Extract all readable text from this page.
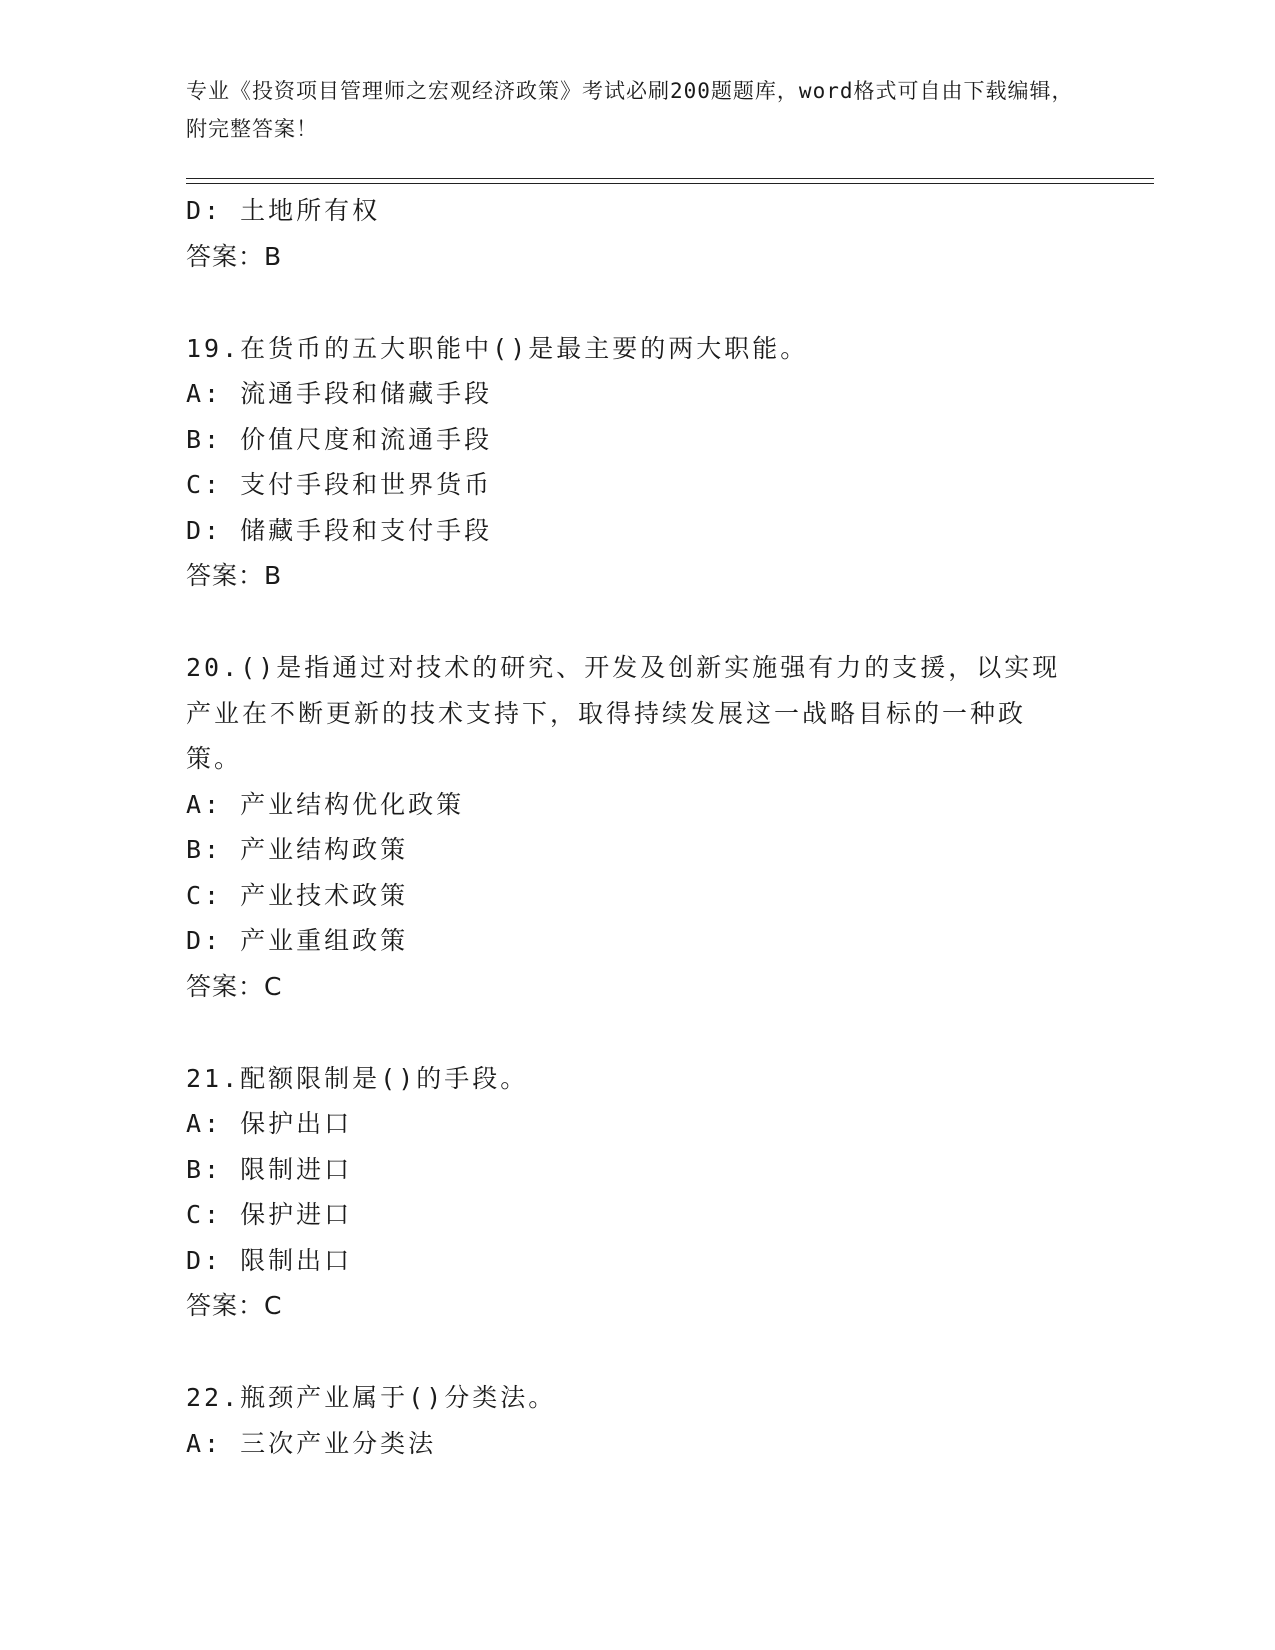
专业《投资项目管理师之宏观经济政策》考试必刷200题题库，word格式可自由下载编辑，附完整答案！
D: 土地所有权
答案：B
19.在货币的五大职能中()是最主要的两大职能。
A: 流通手段和储藏手段
B: 价值尺度和流通手段
C: 支付手段和世界货币
D: 储藏手段和支付手段
答案：B
20.()是指通过对技术的研究、开发及创新实施强有力的支援，以实现产业在不断更新的技术支持下，取得持续发展这一战略目标的一种政策。
A: 产业结构优化政策
B: 产业结构政策
C: 产业技术政策
D: 产业重组政策
答案：C
21.配额限制是()的手段。
A: 保护出口
B: 限制进口
C: 保护进口
D: 限制出口
答案：C
22.瓶颈产业属于()分类法。
A: 三次产业分类法
